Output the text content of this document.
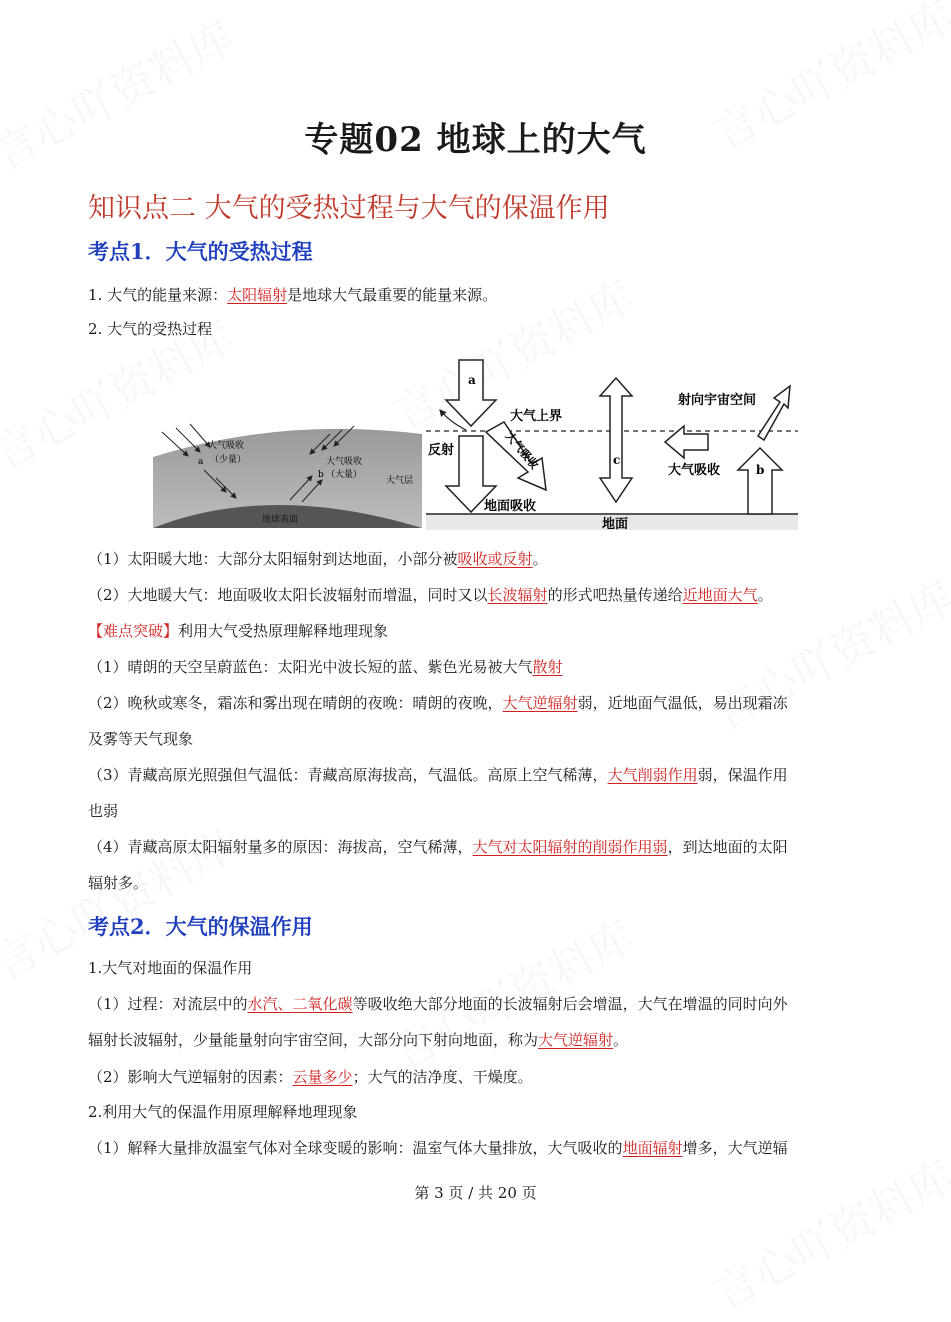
专题02 地球上的大气
知识点二 大气的受热过程与大气的保温作用
考点1．大气的受热过程
1. 大气的能量来源：太阳辐射是地球大气最重要的能量来源。
2. 大气的受热过程
大气吸收
a （少量）	大气吸收
b （大量）
大气层
地球表面
a
大气上界
反射	大气吸收
地面吸收
c
射向宇宙空间
大气吸收	b
地面
（1）太阳暖大地：大部分太阳辐射到达地面，小部分被吸收或反射。
（2）大地暖大气：地面吸收太阳长波辐射而增温，同时又以长波辐射的形式吧热量传递给近地面大气。
【难点突破】利用大气受热原理解释地理现象
（1）晴朗的天空呈蔚蓝色：太阳光中波长短的蓝、紫色光易被大气散射
（2）晚秋或寒冬，霜冻和雾出现在晴朗的夜晚：晴朗的夜晚，大气逆辐射弱，近地面气温低，易出现霜冻
及雾等天气现象
（3）青藏高原光照强但气温低：青藏高原海拔高，气温低。高原上空气稀薄，大气削弱作用弱，保温作用
也弱
（4）青藏高原太阳辐射量多的原因：海拔高，空气稀薄，大气对太阳辐射的削弱作用弱，到达地面的太阳
辐射多。
考点2．大气的保温作用
1.大气对地面的保温作用
（1）过程：对流层中的水汽、二氧化碳等吸收绝大部分地面的长波辐射后会增温，大气在增温的同时向外
辐射长波辐射，少量能量射向宇宙空间，大部分向下射向地面，称为大气逆辐射。
（2）影响大气逆辐射的因素：云量多少；大气的洁净度、干燥度。
2.利用大气的保温作用原理解释地理现象
（1）解释大量排放温室气体对全球变暖的影响：温室气体大量排放，大气吸收的地面辐射增多，大气逆辐
第 3 页 / 共 20 页
